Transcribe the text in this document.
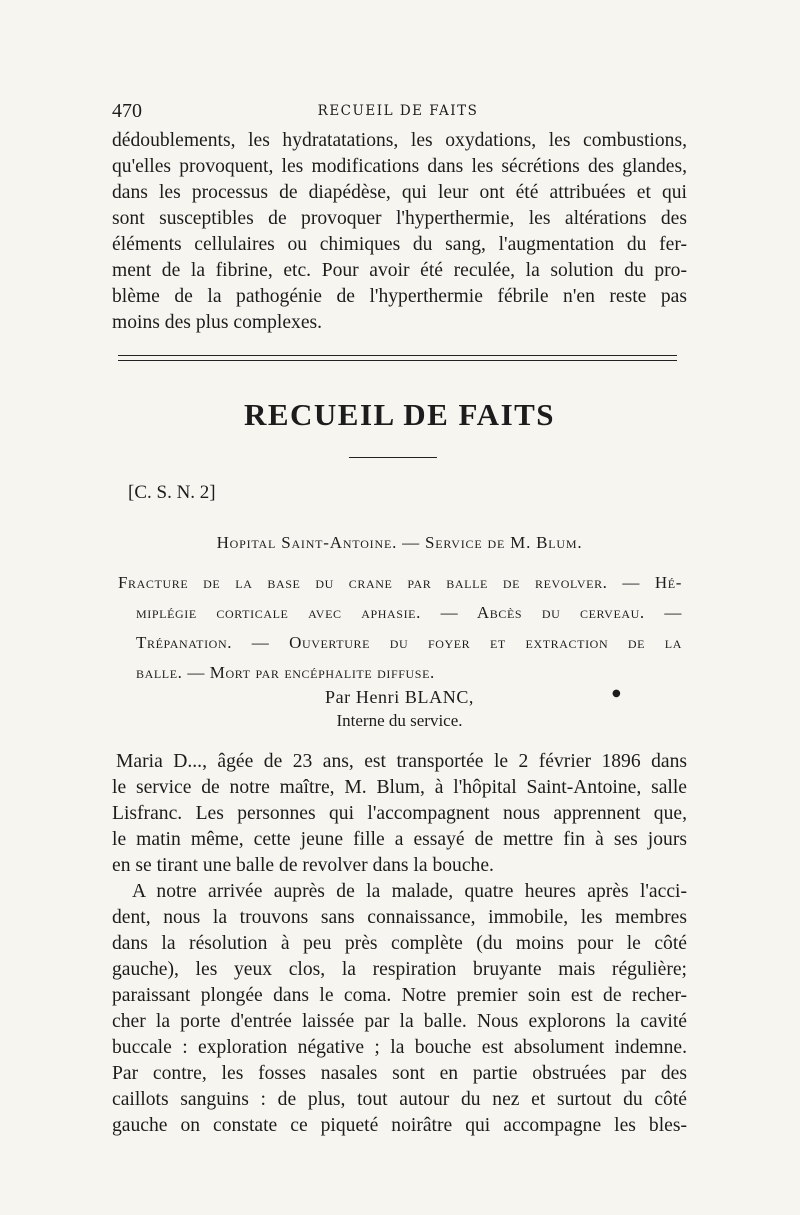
470	RECUEIL DE FAITS
dédoublements, les hydratatations, les oxydations, les combustions,
qu'elles provoquent, les modifications dans les sécrétions des glandes,
dans les processus de diapédèse, qui leur ont été attribuées et qui
sont susceptibles de provoquer l'hyperthermie, les altérations des
éléments cellulaires ou chimiques du sang, l'augmentation du fer-
ment de la fibrine, etc. Pour avoir été reculée, la solution du pro-
blème de la pathogénie de l'hyperthermie fébrile n'en reste pas
moins des plus complexes.
RECUEIL DE FAITS
[C. S. N. 2]
Hopital Saint-Antoine. — Service de M. Blum.
Fracture de la base du crane par balle de revolver. — Hé-
miplégie corticale avec aphasie. — Abcès du cerveau. —
Trépanation. — Ouverture du foyer et extraction de la
balle. — Mort par encéphalite diffuse.
Par Henri BLANC,
Interne du service.
●
Maria D..., âgée de 23 ans, est transportée le 2 février 1896 dans
le service de notre maître, M. Blum, à l'hôpital Saint-Antoine, salle
Lisfranc. Les personnes qui l'accompagnent nous apprennent que,
le matin même, cette jeune fille a essayé de mettre fin à ses jours
en se tirant une balle de revolver dans la bouche.
A notre arrivée auprès de la malade, quatre heures après l'acci-
dent, nous la trouvons sans connaissance, immobile, les membres
dans la résolution à peu près complète (du moins pour le côté
gauche), les yeux clos, la respiration bruyante mais régulière;
paraissant plongée dans le coma. Notre premier soin est de recher-
cher la porte d'entrée laissée par la balle. Nous explorons la cavité
buccale : exploration négative ; la bouche est absolument indemne.
Par contre, les fosses nasales sont en partie obstruées par des
caillots sanguins : de plus, tout autour du nez et surtout du côté
gauche on constate ce piqueté noirâtre qui accompagne les bles-
